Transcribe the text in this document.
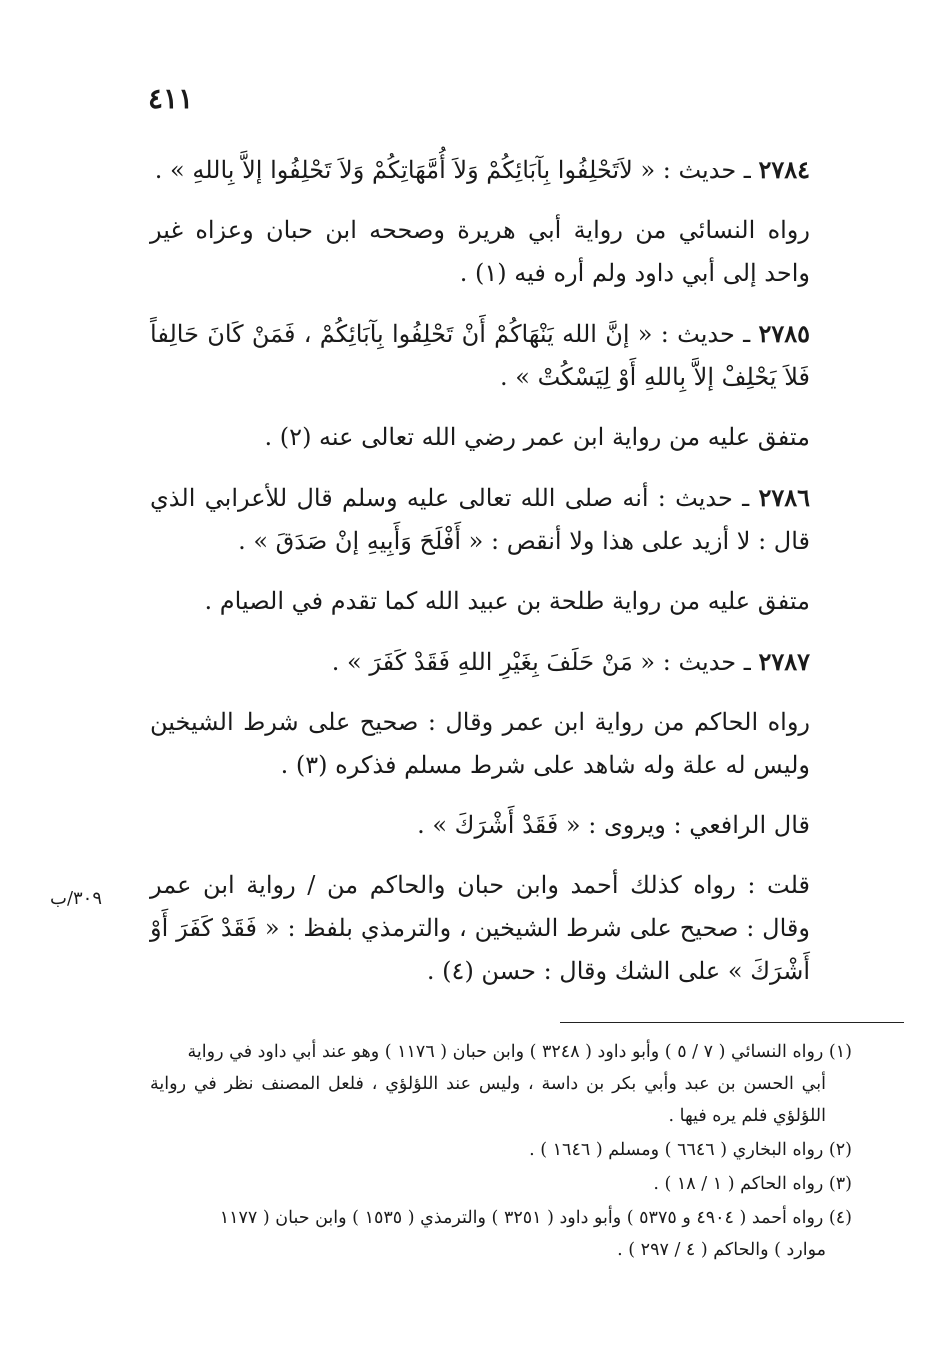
٤١١
٣٠٩/ب

٢٧٨٤ ـ حديث : « لاَتَحْلِفُوا بِآبَائِكُمْ وَلاَ أُمَّهَاتِكُمْ وَلاَ تَحْلِفُوا إلاَّ بِاللهِ » .

رواه النسائي من رواية أبي هريرة وصححه ابن حبان وعزاه غير واحد إلى أبي داود ولم أره فيه (١) .

٢٧٨٥ ـ حديث : « إنَّ الله يَنْهَاكُمْ أَنْ تَحْلِفُوا بِآبَائِكُمْ ، فَمَنْ كَانَ حَالِفاً فَلاَ يَحْلِفْ إلاَّ بِاللهِ أَوْ لِيَسْكُتْ » .

متفق عليه من رواية ابن عمر رضي الله تعالى عنه (٢) .

٢٧٨٦ ـ حديث : أنه صلى الله تعالى عليه وسلم قال للأعرابي الذي قال : لا أزيد على هذا ولا أنقص : « أَفْلَحَ وَأَبِيهِ إنْ صَدَقَ » .

متفق عليه من رواية طلحة بن عبيد الله كما تقدم في الصيام .

٢٧٨٧ ـ حديث : « مَنْ حَلَفَ بِغَيْرِ اللهِ فَقَدْ كَفَرَ » .

رواه الحاكم من رواية ابن عمر وقال : صحيح على شرط الشيخين وليس له علة وله شاهد على شرط مسلم فذكره (٣) .

قال الرافعي : ويروى : « فَقَدْ أَشْرَكَ » .

قلت : رواه كذلك أحمد وابن حبان والحاكم من / رواية ابن عمر وقال : صحيح على شرط الشيخين ، والترمذي بلفظ : « فَقَدْ كَفَرَ أَوْ أَشْرَكَ » على الشك وقال : حسن (٤) .

(١) رواه النسائي ( ٧ / ٥ ) وأبو داود ( ٣٢٤٨ ) وابن حبان ( ١١٧٦ ) وهو عند أبي داود في رواية
أبي الحسن بن عبد وأبي بكر بن داسة ، وليس عند اللؤلؤي ، فلعل المصنف نظر في رواية اللؤلؤي فلم يره فيها .

(٢) رواه البخاري ( ٦٦٤٦ ) ومسلم ( ١٦٤٦ ) .

(٣) رواه الحاكم ( ١ / ١٨ ) .

(٤) رواه أحمد ( ٤٩٠٤ و ٥٣٧٥ ) وأبو داود ( ٣٢٥١ ) والترمذي ( ١٥٣٥ ) وابن حبان ( ١١٧٧
موارد ) والحاكم ( ٤ / ٢٩٧ ) .
